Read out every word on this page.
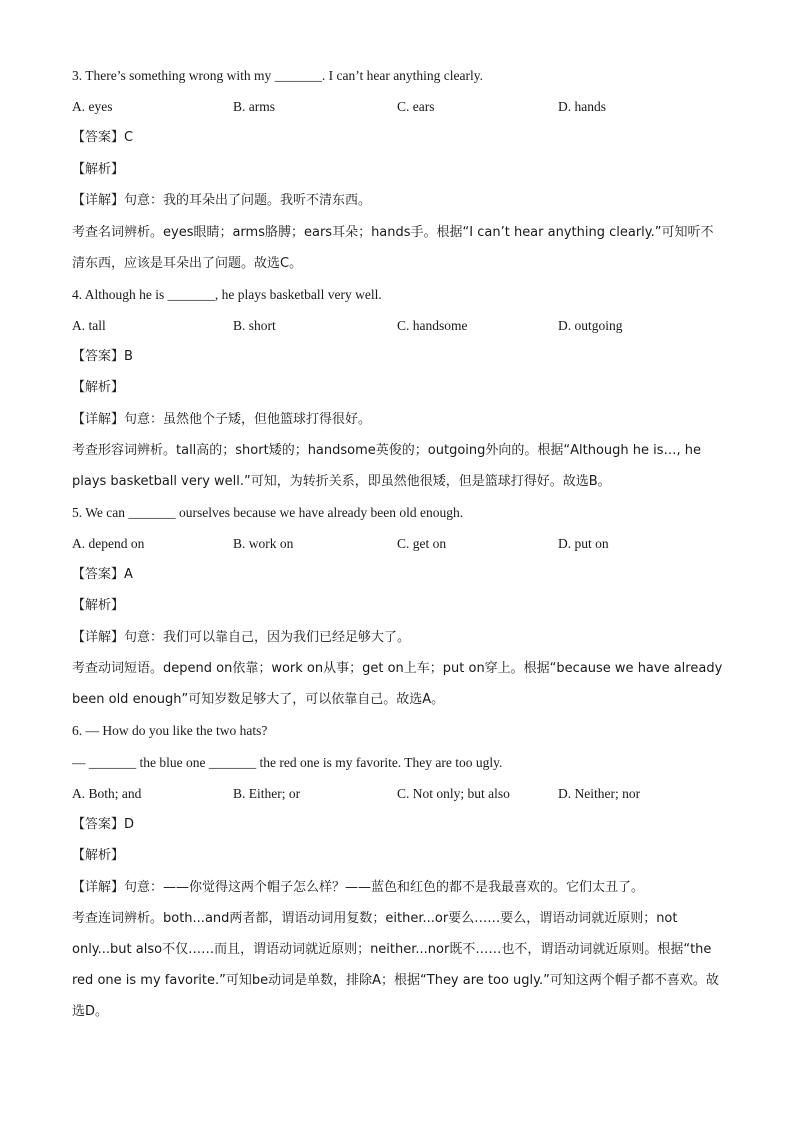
3. There’s something wrong with my _______. I can’t hear anything clearly.
A. eyes	B. arms	C. ears	D. hands
【答案】C
【解析】
【详解】句意：我的耳朵出了问题。我听不清东西。
考查名词辨析。eyes眼睛；arms胳膊；ears耳朵；hands手。根据“I can’t hear anything clearly.”可知听不清东西，应该是耳朵出了问题。故选C。
4. Although he is _______, he plays basketball very well.
A. tall	B. short	C. handsome	D. outgoing
【答案】B
【解析】
【详解】句意：虽然他个子矮，但他篮球打得很好。
考查形容词辨析。tall高的；short矮的；handsome英俊的；outgoing外向的。根据“Although he is…, he plays basketball very well.”可知，为转折关系，即虽然他很矮，但是篮球打得好。故选B。
5. We can _______ ourselves because we have already been old enough.
A. depend on	B. work on	C. get on	D. put on
【答案】A
【解析】
【详解】句意：我们可以靠自己，因为我们已经足够大了。
考查动词短语。depend on依靠；work on从事；get on上车；put on穿上。根据“because we have already been old enough”可知岁数足够大了，可以依靠自己。故选A。
6. — How do you like the two hats?
— _______ the blue one _______ the red one is my favorite. They are too ugly.
A. Both; and	B. Either; or	C. Not only; but also	D. Neither; nor
【答案】D
【解析】
【详解】句意：——你觉得这两个帽子怎么样？——蓝色和红色的都不是我最喜欢的。它们太丑了。
考查连词辨析。both...and两者都，谓语动词用复数；either...or要么……要么，谓语动词就近原则；not only...but also不仅……而且，谓语动词就近原则；neither...nor既不……也不，谓语动词就近原则。根据“the red one is my favorite.”可知be动词是单数，排除A；根据“They are too ugly.”可知这两个帽子都不喜欢。故选D。
